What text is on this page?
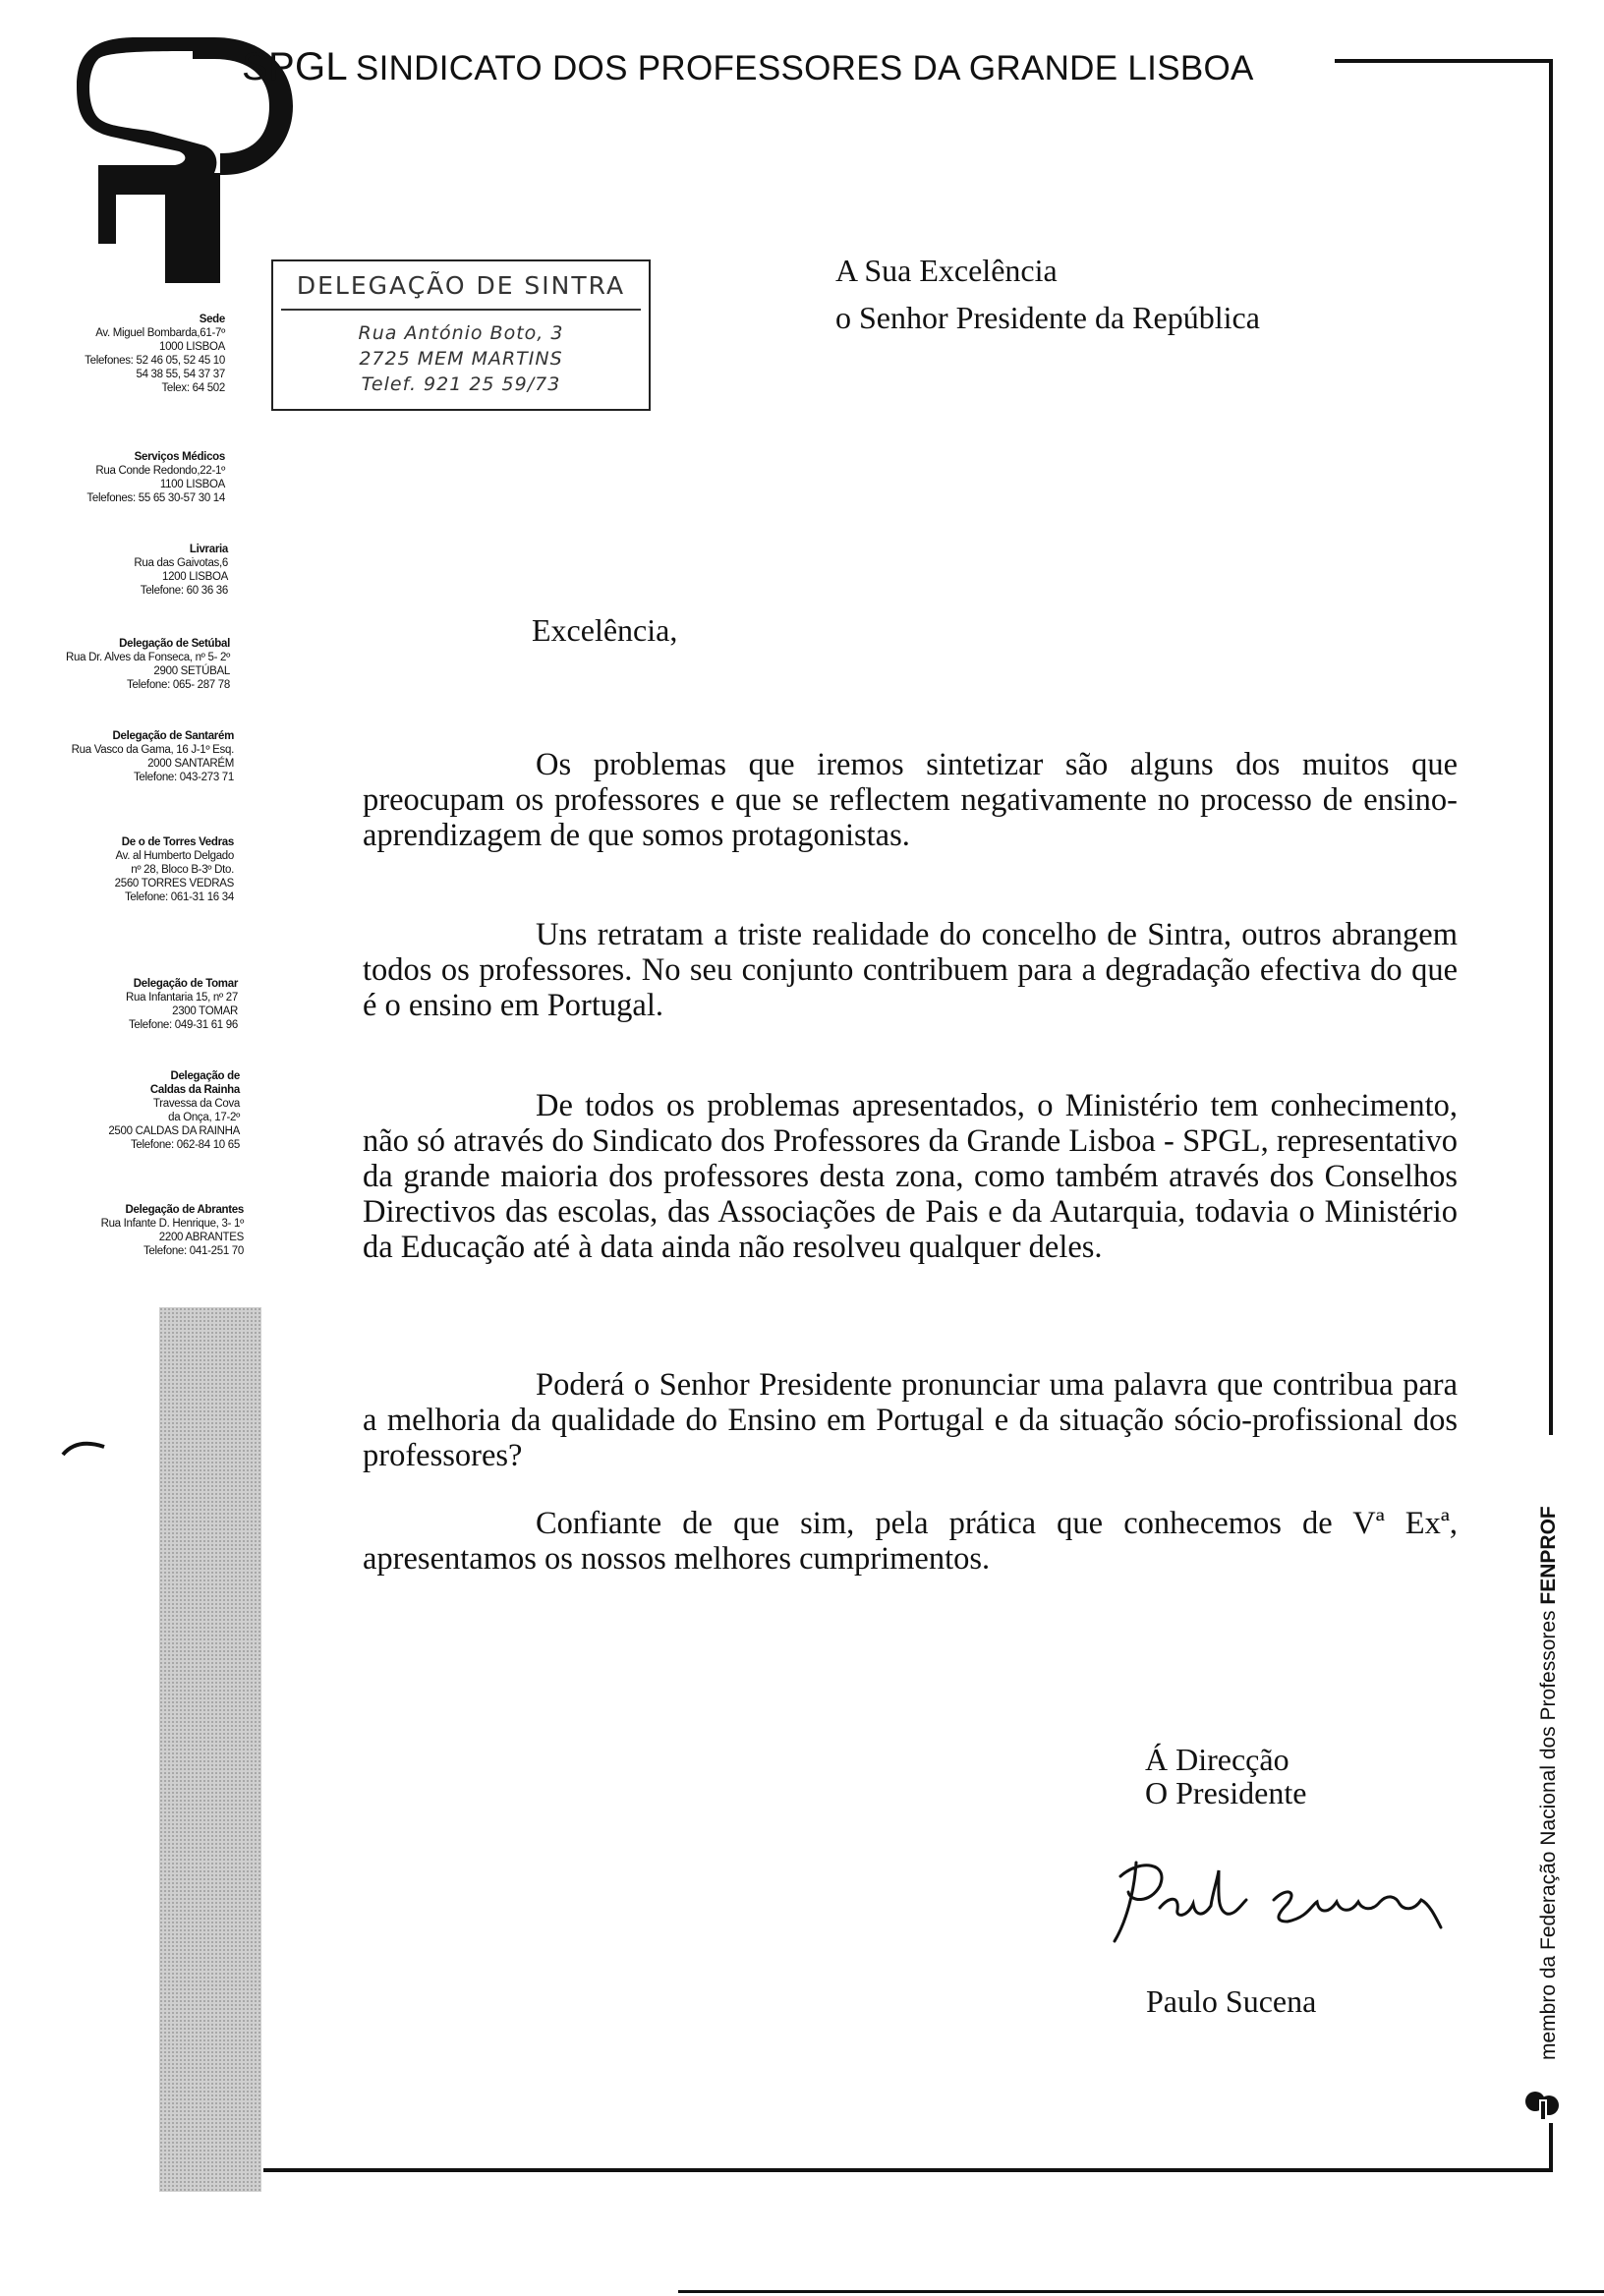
SPGL SINDICATO DOS PROFESSORES DA GRANDE LISBOA
DELEGAÇÃO DE SINTRA
Rua António Boto, 3
2725 MEM MARTINS
Telef. 921 25 59/73
Sede
Av. Miguel Bombarda,61-7º
1000 LISBOA
Telefones: 52 46 05, 52 45 10
54 38 55, 54 37 37
Telex: 64 502
Serviços Médicos
Rua Conde Redondo,22-1º
1100 LISBOA
Telefones: 55 65 30-57 30 14
Livraria
Rua das Gaivotas,6
1200 LISBOA
Telefone: 60 36 36
Delegação de Setúbal
Rua Dr. Alves da Fonseca, nº 5- 2º
2900 SETÚBAL
Telefone: 065- 287 78
Delegação de Santarém
Rua Vasco da Gama, 16 J-1º Esq.
2000 SANTARÉM
Telefone: 043-273 71
De o de Torres Vedras
Av. al Humberto Delgado
nº 28, Bloco B-3º Dto.
2560 TORRES VEDRAS
Telefone: 061-31 16 34
Delegação de Tomar
Rua Infantaria 15, nº 27
2300 TOMAR
Telefone: 049-31 61 96
Delegação de
Caldas da Rainha
Travessa da Cova
da Onça, 17-2º
2500 CALDAS DA RAINHA
Telefone: 062-84 10 65
Delegação de Abrantes
Rua Infante D. Henrique, 3- 1º
2200 ABRANTES
Telefone: 041-251 70
A Sua Excelência
o Senhor Presidente da República
Excelência,
Os problemas que iremos sintetizar são alguns dos muitos que preocupam os professores e que se reflectem negativamente no processo de ensino-aprendizagem de que somos protagonistas.
Uns retratam a triste realidade do concelho de Sintra, outros abrangem todos os professores. No seu conjunto contribuem para a degradação efectiva do que é o ensino em Portugal.
De todos os problemas apresentados, o Ministério tem conhecimento, não só através do Sindicato dos Professores da Grande Lisboa - SPGL, representativo da grande maioria dos professores desta zona, como também através dos Conselhos Directivos das escolas, das Associações de Pais e da Autarquia, todavia o Ministério da Educação até à data ainda não resolveu qualquer deles.
Poderá o Senhor Presidente pronunciar uma palavra que contribua para a melhoria da qualidade do Ensino em Portugal e da situação sócio-profissional dos professores?
Confiante de que sim, pela prática que conhecemos de Vª Exª, apresentamos os nossos melhores cumprimentos.
Á Direcção
O Presidente
Paulo Sucena	membro da Federação Nacional dos Professores FENPROF
